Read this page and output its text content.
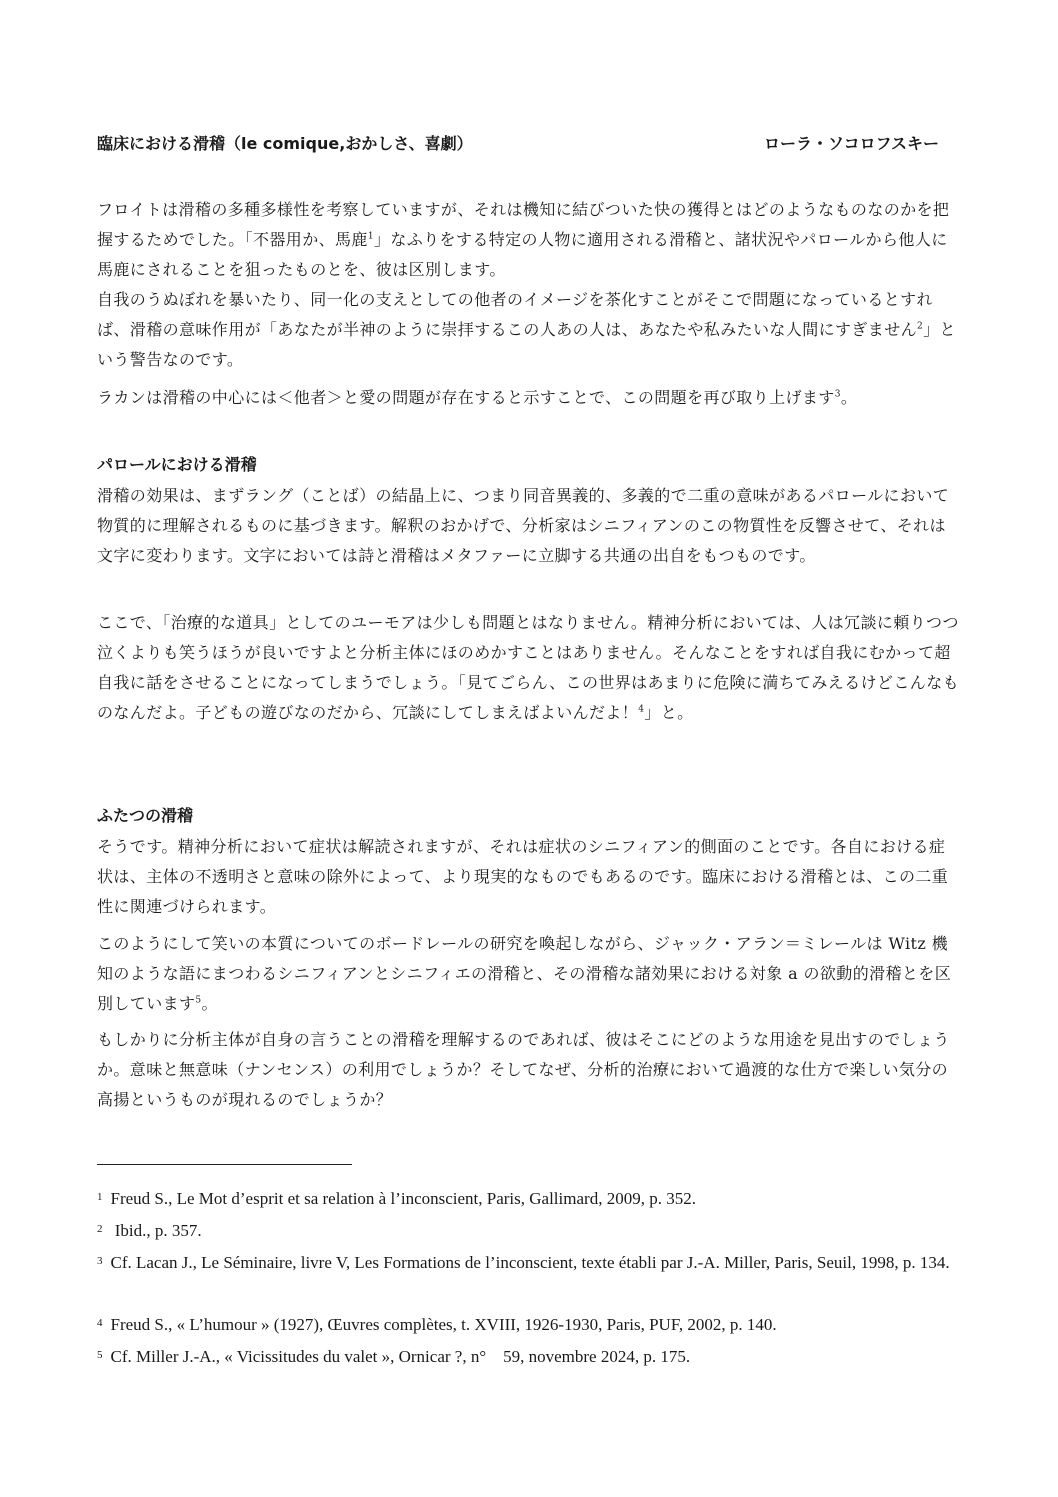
臨床における滑稽（le comique,おかしさ、喜劇）	ローラ・ソコロフスキー

フロイトは滑稽の多種多様性を考察していますが、それは機知に結びついた快の獲得とはどのようなものなのかを把握するためでした。「不器用か、馬鹿$^1$」なふりをする特定の人物に適用される滑稽と、諸状況やパロールから他人に馬鹿にされることを狙ったものとを、彼は区別します。

自我のうぬぼれを暴いたり、同一化の支えとしての他者のイメージを茶化すことがそこで問題になっているとすれば、滑稽の意味作用が「あなたが半神のように崇拝するこの人あの人は、あなたや私みたいな人間にすぎません$^2$」という警告なのです。

ラカンは滑稽の中心には＜他者＞と愛の問題が存在すると示すことで、この問題を再び取り上げます$^3$。

パロールにおける滑稽

滑稽の効果は、まずラング（ことば）の結晶上に、つまり同音異義的、多義的で二重の意味があるパロールにおいて物質的に理解されるものに基づきます。解釈のおかげで、分析家はシニフィアンのこの物質性を反響させて、それは文字に変わります。文字においては詩と滑稽はメタファーに立脚する共通の出自をもつものです。

ここで、「治療的な道具」としてのユーモアは少しも問題とはなりません。精神分析においては、人は冗談に頼りつつ泣くよりも笑うほうが良いですよと分析主体にほのめかすことはありません。そんなことをすれば自我にむかって超自我に話をさせることになってしまうでしょう。「見てごらん、この世界はあまりに危険に満ちてみえるけどこんなものなんだよ。子どもの遊びなのだから、冗談にしてしまえばよいんだよ！$^4$」と。

ふたつの滑稽

そうです。精神分析において症状は解読されますが、それは症状のシニフィアン的側面のことです。各自における症状は、主体の不透明さと意味の除外によって、より現実的なものでもあるのです。臨床における滑稽とは、この二重性に関連づけられます。

このようにして笑いの本質についてのボードレールの研究を喚起しながら、ジャック・アラン＝ミレールは Witz 機知のような語にまつわるシニフィアンとシニフィエの滑稽と、その滑稽な諸効果における対象 a の欲動的滑稽とを区別しています$^5$。

もしかりに分析主体が自身の言うことの滑稽を理解するのであれば、彼はそこにどのような用途を見出すのでしょうか。意味と無意味（ナンセンス）の利用でしょうか？そしてなぜ、分析的治療において過渡的な仕方で楽しい気分の高揚というものが現れるのでしょうか？

$^1$ Freud S., Le Mot d’esprit et sa relation à l’inconscient, Paris, Gallimard, 2009, p. 352.

$^2$ Ibid., p. 357.

$^3$ Cf. Lacan J., Le Séminaire, livre V, Les Formations de l’inconscient, texte établi par J.-A. Miller, Paris, Seuil, 1998, p. 134.

$^4$ Freud S., « L’humour » (1927), Œuvres complètes, t. XVIII, 1926-1930, Paris, PUF, 2002, p. 140.

$^5$ Cf. Miller J.-A., « Vicissitudes du valet », Ornicar ?, n°　59, novembre 2024, p. 175.
